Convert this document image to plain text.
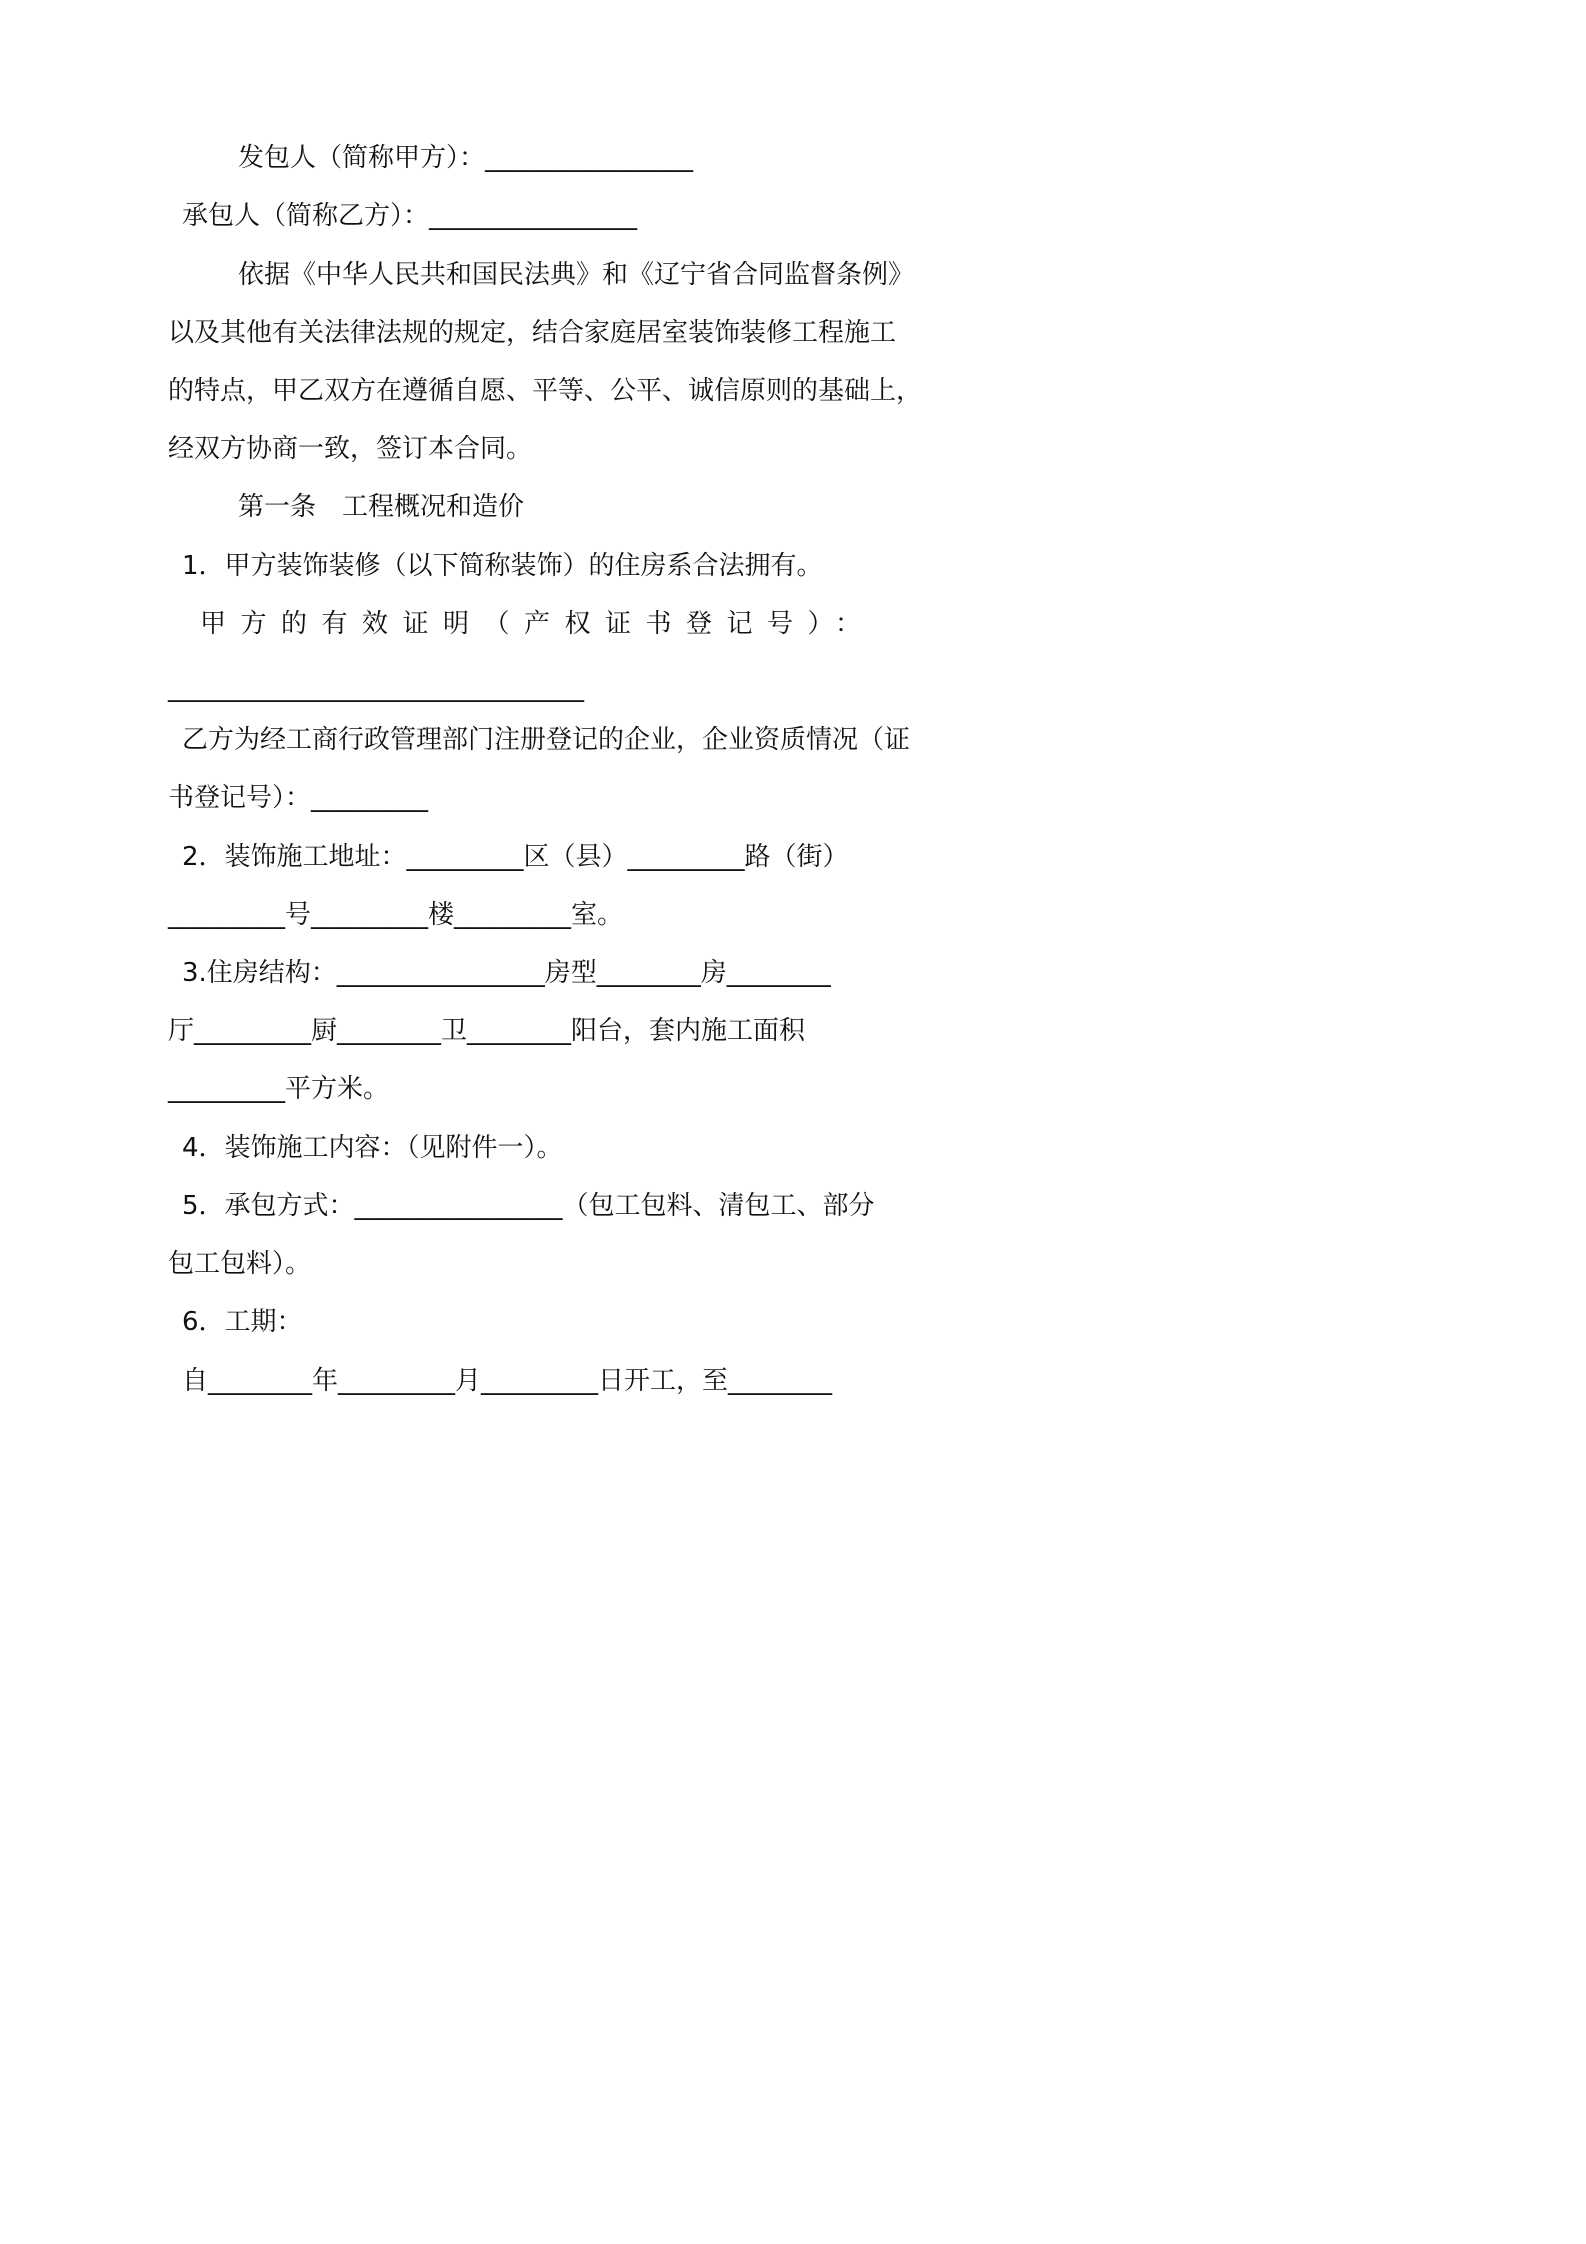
发包人（简称甲方）：________________
承包人（简称乙方）：________________
依据《中华人民共和国民法典》和《辽宁省合同监督条例》
以及其他有关法律法规的规定，结合家庭居室装饰装修工程施工
的特点，甲乙双方在遵循自愿、平等、公平、诚信原则的基础上，
经双方协商一致，签订本合同。
第一条　工程概况和造价
1．甲方装饰装修（以下简称装饰）的住房系合法拥有。
甲方的有效证明（产权证书登记号）：
________________________________
乙方为经工商行政管理部门注册登记的企业，企业资质情况（证
书登记号）：_________
2．装饰施工地址：_________区（县）_________路（街）
_________号_________楼_________室。
3.住房结构：________________房型________房________
厅_________厨________卫________阳台，套内施工面积
_________平方米。
4．装饰施工内容：（见附件一）。
5．承包方式：________________（包工包料、清包工、部分
包工包料）。
6．工期：
自________年_________月_________日开工，至________
